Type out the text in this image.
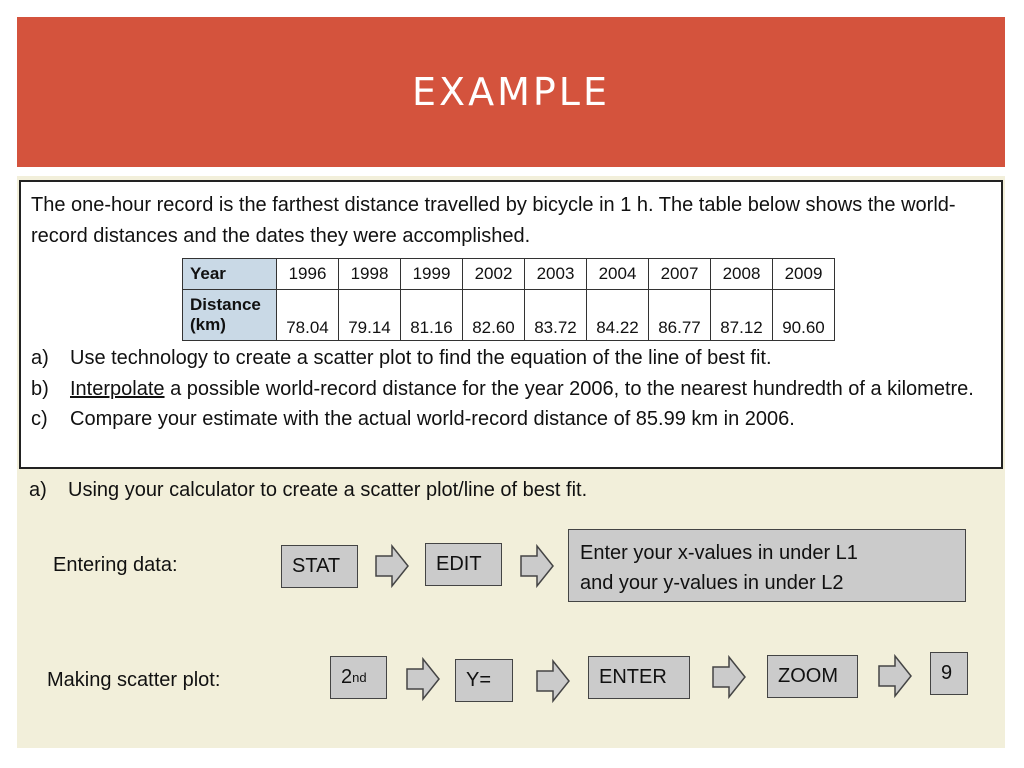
EXAMPLE
The one-hour record is the farthest distance travelled by bicycle in 1 h. The table below shows the world-record distances and the dates they were accomplished.
Year	1996	1998	1999	2002	2003	2004	2007	2008	2009
Distance
(km)	78.04	79.14	81.16	82.60	83.72	84.22	86.77	87.12	90.60
a)	Use technology to create a scatter plot to find the equation of the line of best fit.
b)	Interpolate a possible world-record distance for the year 2006, to the nearest hundredth of a kilometre.
c)	Compare your estimate with the actual world-record distance of 85.99 km in 2006.
a)	Using your calculator to create a scatter plot/line of best fit.
Entering data:	STAT	EDIT	Enter your x-values in under L1
and your y-values in under L2
Making scatter plot:	2 nd	Y=	ENTER	ZOOM	9
